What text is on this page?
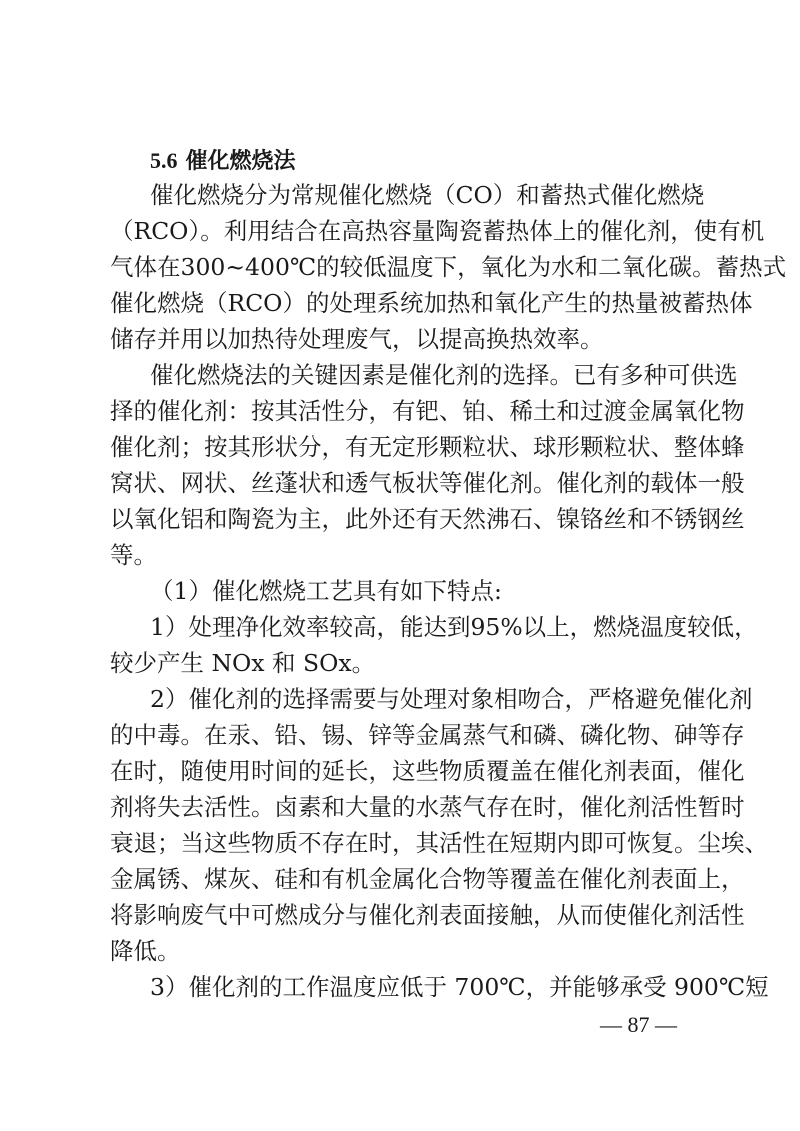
5.6 催化燃烧法
催化燃烧分为常规催化燃烧（CO）和蓄热式催化燃烧
（RCO）。利用结合在高热容量陶瓷蓄热体上的催化剂，使有机
气体在300~400℃的较低温度下，氧化为水和二氧化碳。蓄热式
催化燃烧（RCO）的处理系统加热和氧化产生的热量被蓄热体
储存并用以加热待处理废气，以提高换热效率。
催化燃烧法的关键因素是催化剂的选择。已有多种可供选
择的催化剂：按其活性分，有钯、铂、稀土和过渡金属氧化物
催化剂；按其形状分，有无定形颗粒状、球形颗粒状、整体蜂
窝状、网状、丝蓬状和透气板状等催化剂。催化剂的载体一般
以氧化铝和陶瓷为主，此外还有天然沸石、镍铬丝和不锈钢丝
等。
（1）催化燃烧工艺具有如下特点:
1）处理净化效率较高，能达到95%以上，燃烧温度较低，
较少产生 NOx 和 SOx。
2）催化剂的选择需要与处理对象相吻合，严格避免催化剂
的中毒。在汞、铅、锡、锌等金属蒸气和磷、磷化物、砷等存
在时，随使用时间的延长，这些物质覆盖在催化剂表面，催化
剂将失去活性。卤素和大量的水蒸气存在时，催化剂活性暂时
衰退；当这些物质不存在时，其活性在短期内即可恢复。尘埃、
金属锈、煤灰、硅和有机金属化合物等覆盖在催化剂表面上，
将影响废气中可燃成分与催化剂表面接触，从而使催化剂活性
降低。
— 87 —
3）催化剂的工作温度应低于 700℃，并能够承受 900℃短
